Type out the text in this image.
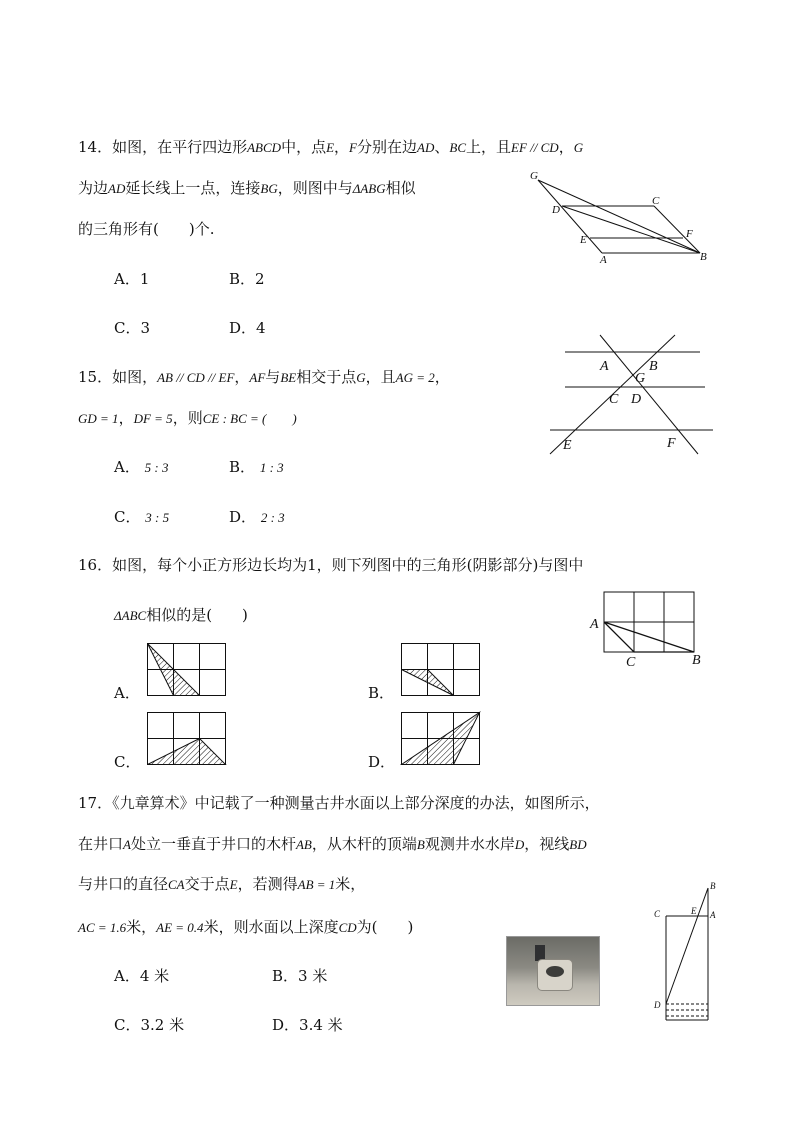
14．如图，在平行四边形ABCD中，点E，F分别在边AD、BC上，且EF // CD，G
为边AD延长线上一点，连接BG，则图中与ΔABG相似
的三角形有(　　)个.
A．1	B．2
C．3	D．4
G
C
D
F
E
A	B
15．如图，AB // CD // EF，AF与BE相交于点G，且AG = 2，
GD = 1，DF = 5，则CE : BC = (　　)
A． 5 : 3	B． 1 : 3
C． 3 : 5	D． 2 : 3
A	B
G
C D
E	F
16．如图，每个小正方形边长均为1，则下列图中的三角形(阴影部分)与图中
ΔABC相似的是(　　)
A
C	B
A．	B．
C．	D．
17．《九章算术》中记载了一种测量古井水面以上部分深度的办法，如图所示，
在井口A处立一垂直于井口的木杆AB，从木杆的顶端B观测井水水岸D，视线BD
与井口的直径CA交于点E，若测得AB = 1米，
AC = 1.6米，AE = 0.4米，则水面以上深度CD为(　　)
A．4 米	B．3 米
C．3.2 米	D．3.4 米
B
C	E A
D
